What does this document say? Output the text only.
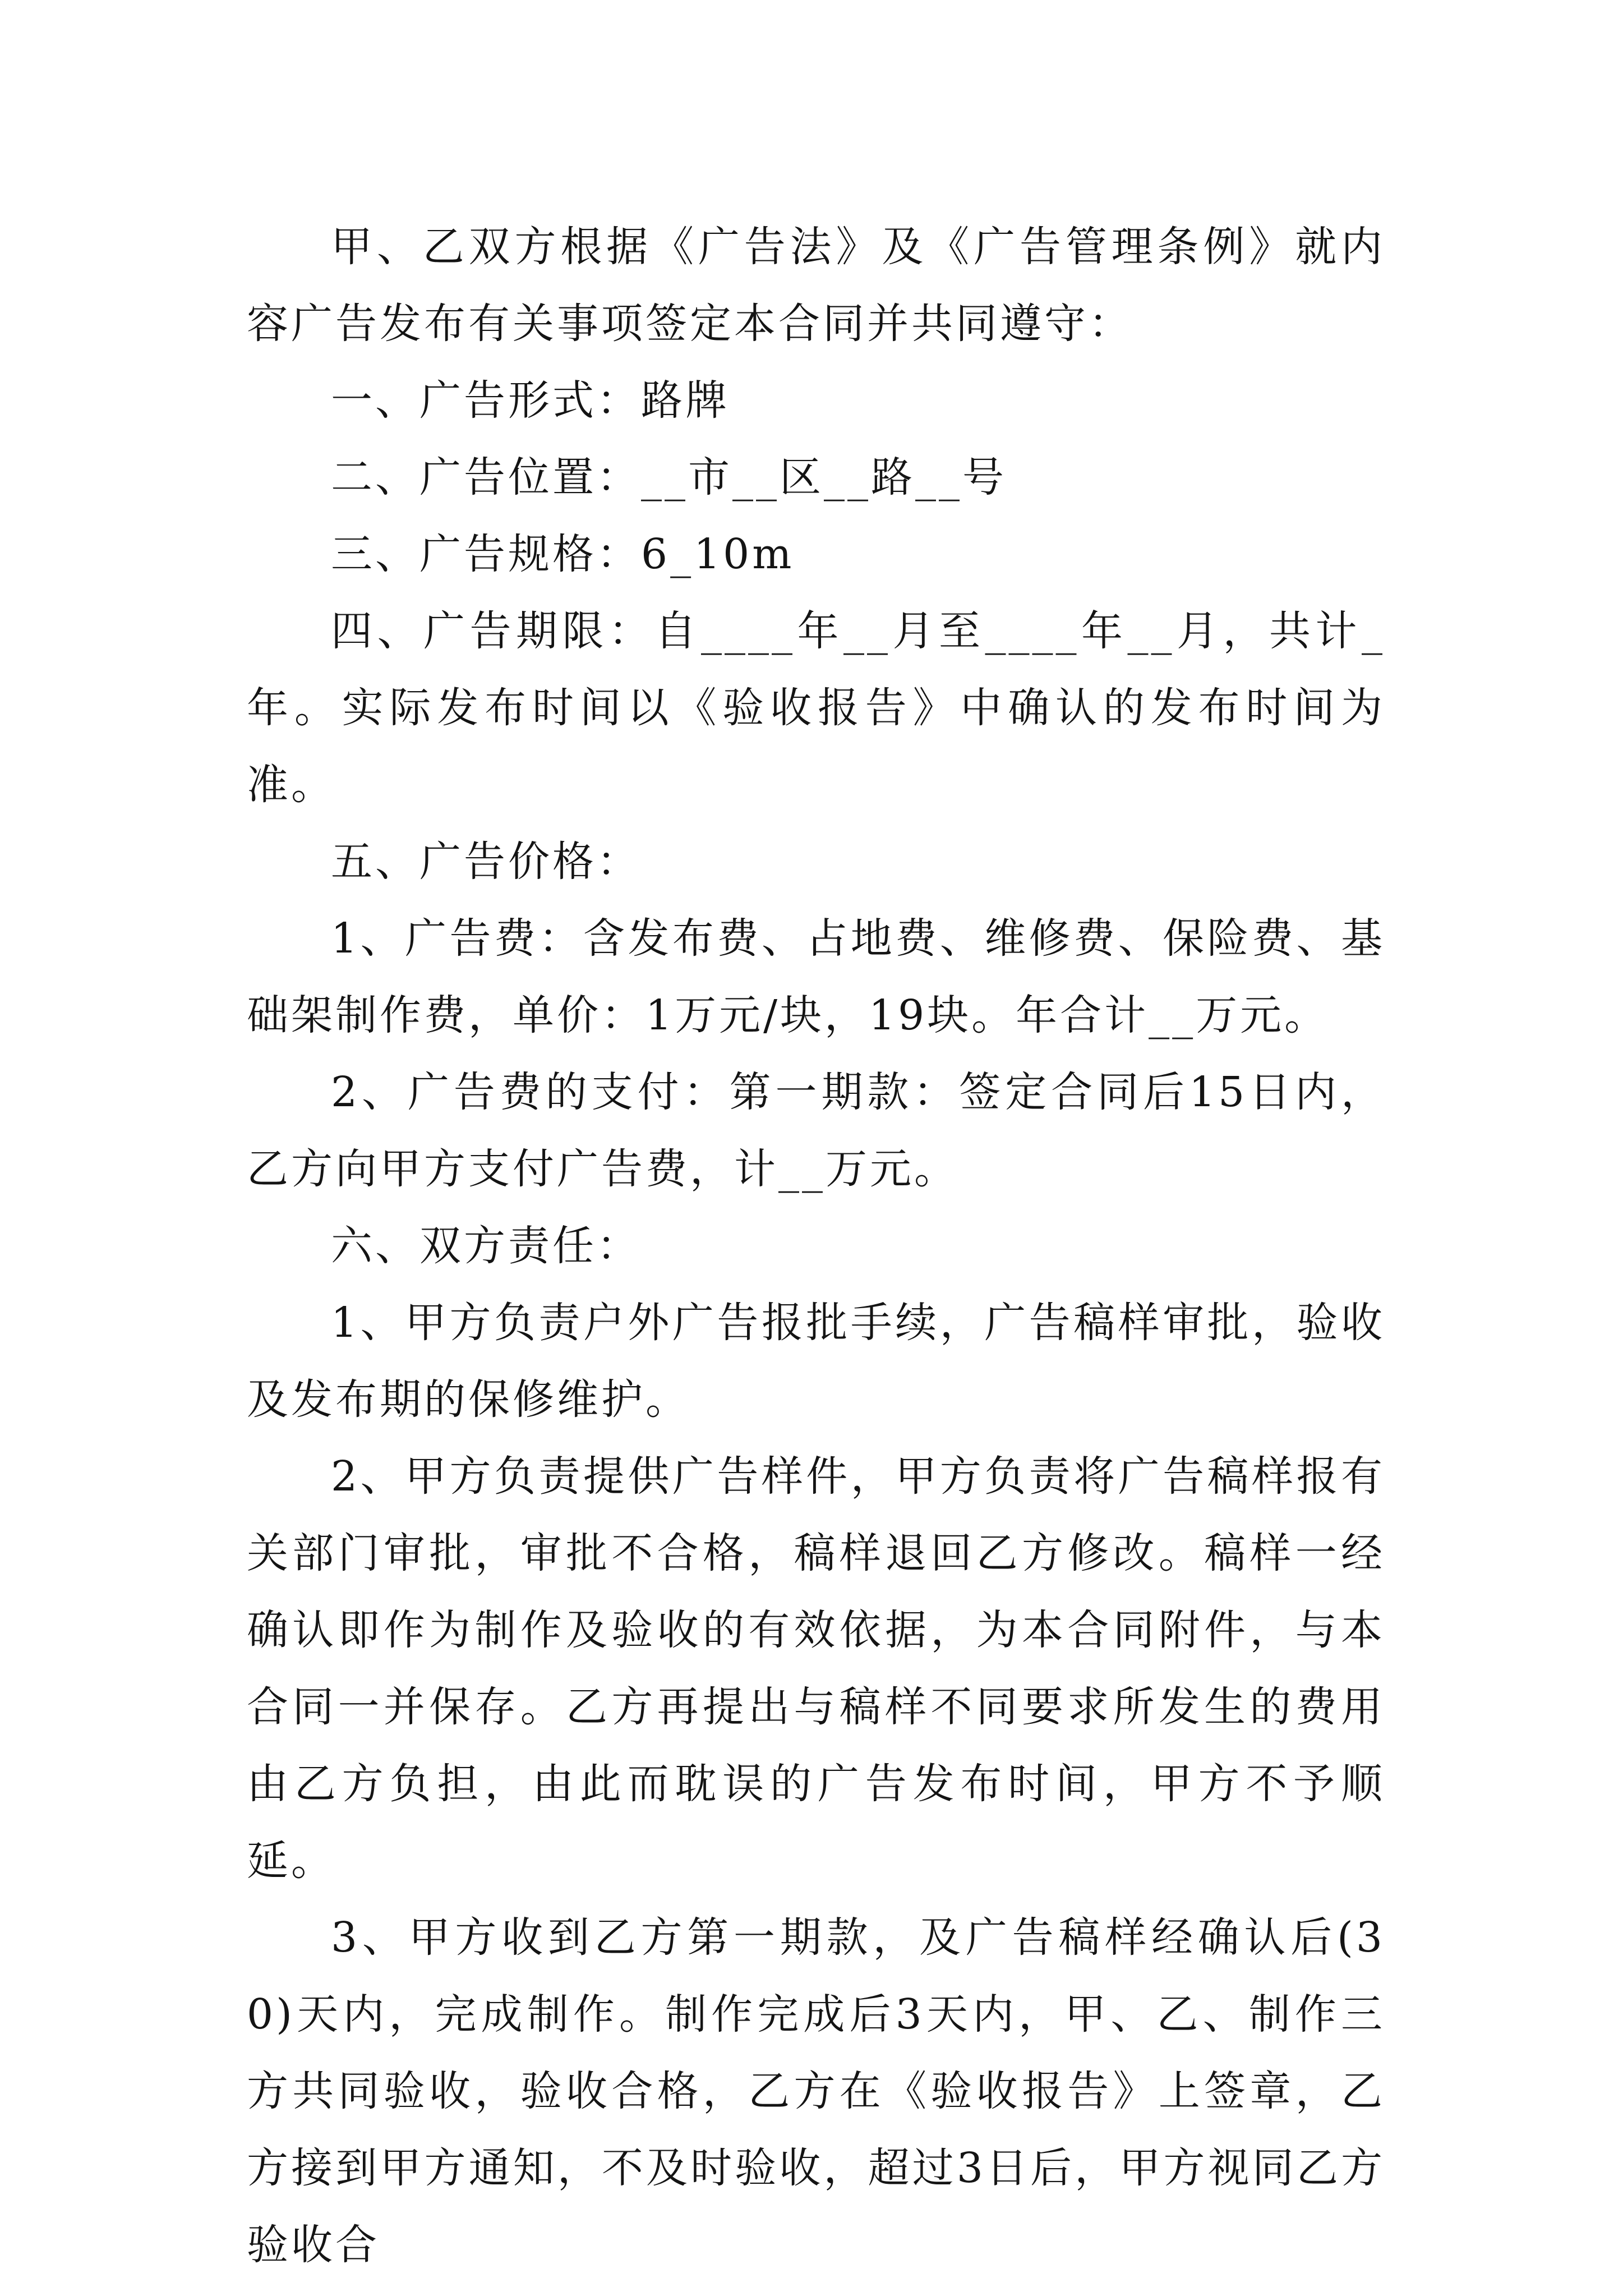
甲、乙双方根据《广告法》及《广告管理条例》就内容广告发布有关事项签定本合同并共同遵守：

一、广告形式：路牌

二、广告位置：__市__区__路__号

三、广告规格：6_10m

四、广告期限：自____年__月至____年__月，共计_年。实际发布时间以《验收报告》中确认的发布时间为准。

五、广告价格：

1、广告费：含发布费、占地费、维修费、保险费、基础架制作费，单价：1万元/块，19块。年合计__万元。

2、广告费的支付：第一期款：签定合同后15日内，乙方向甲方支付广告费，计__万元。

六、双方责任：

1、甲方负责户外广告报批手续，广告稿样审批，验收及发布期的保修维护。

2、甲方负责提供广告样件，甲方负责将广告稿样报有关部门审批，审批不合格，稿样退回乙方修改。稿样一经确认即作为制作及验收的有效依据，为本合同附件，与本合同一并保存。乙方再提出与稿样不同要求所发生的费用由乙方负担，由此而耽误的广告发布时间，甲方不予顺延。

3、甲方收到乙方第一期款，及广告稿样经确认后(30)天内，完成制作。制作完成后3天内，甲、乙、制作三方共同验收，验收合格，乙方在《验收报告》上签章，乙方接到甲方通知，不及时验收，超过3日后，甲方视同乙方验收合
